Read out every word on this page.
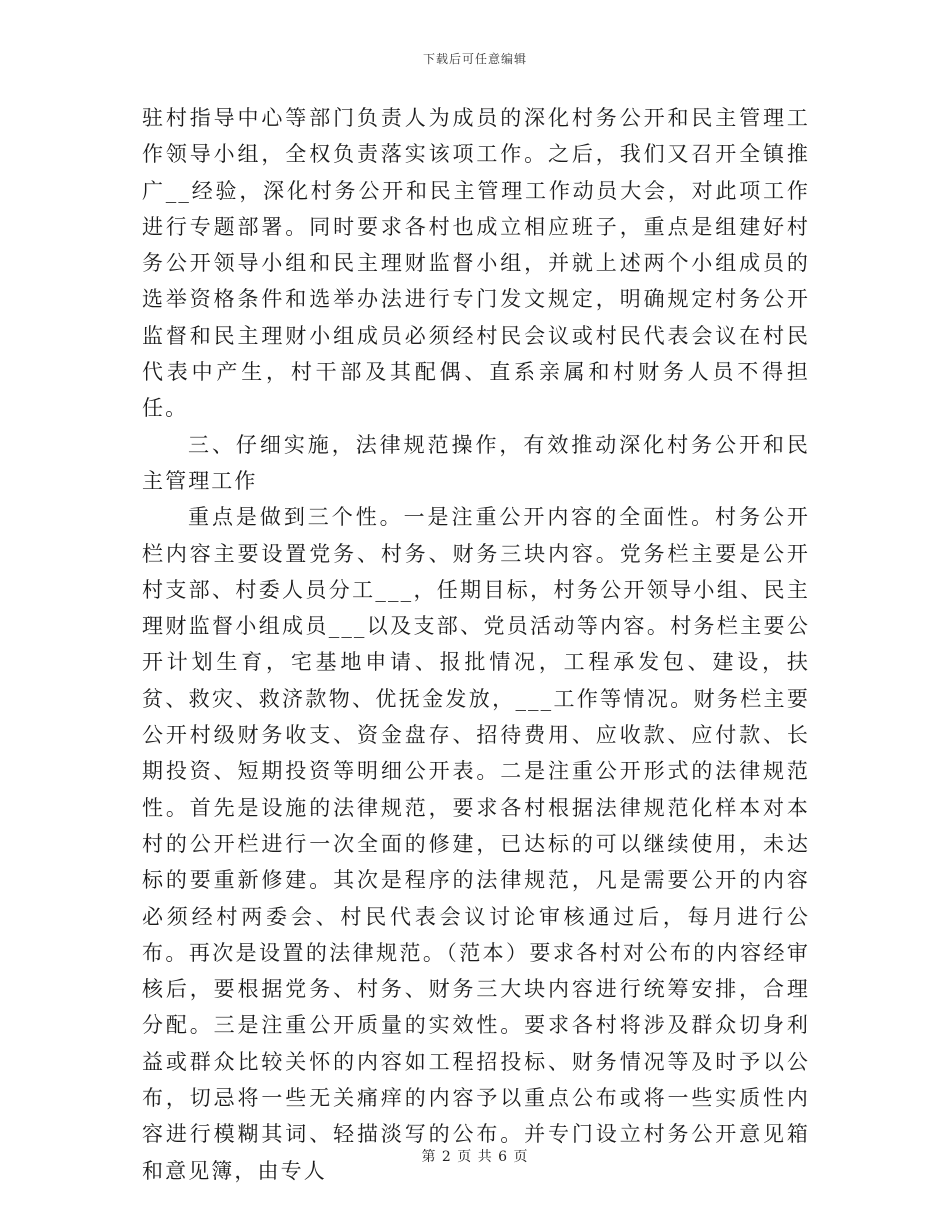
下载后可任意编辑

驻村指导中心等部门负责人为成员的深化村务公开和民主管理工作领导小组，全权负责落实该项工作。之后，我们又召开全镇推广__经验，深化村务公开和民主管理工作动员大会，对此项工作进行专题部署。同时要求各村也成立相应班子，重点是组建好村务公开领导小组和民主理财监督小组，并就上述两个小组成员的选举资格条件和选举办法进行专门发文规定，明确规定村务公开监督和民主理财小组成员必须经村民会议或村民代表会议在村民代表中产生，村干部及其配偶、直系亲属和村财务人员不得担任。

三、仔细实施，法律规范操作，有效推动深化村务公开和民主管理工作

重点是做到三个性。一是注重公开内容的全面性。村务公开栏内容主要设置党务、村务、财务三块内容。党务栏主要是公开村支部、村委人员分工___，任期目标，村务公开领导小组、民主理财监督小组成员___以及支部、党员活动等内容。村务栏主要公开计划生育，宅基地申请、报批情况，工程承发包、建设，扶贫、救灾、救济款物、优抚金发放，___工作等情况。财务栏主要公开村级财务收支、资金盘存、招待费用、应收款、应付款、长期投资、短期投资等明细公开表。二是注重公开形式的法律规范性。首先是设施的法律规范，要求各村根据法律规范化样本对本村的公开栏进行一次全面的修建，已达标的可以继续使用，未达标的要重新修建。其次是程序的法律规范，凡是需要公开的内容必须经村两委会、村民代表会议讨论审核通过后，每月进行公布。再次是设置的法律规范。（范本）要求各村对公布的内容经审核后，要根据党务、村务、财务三大块内容进行统筹安排，合理分配。三是注重公开质量的实效性。要求各村将涉及群众切身利益或群众比较关怀的内容如工程招投标、财务情况等及时予以公布，切忌将一些无关痛痒的内容予以重点公布或将一些实质性内容进行模糊其词、轻描淡写的公布。并专门设立村务公开意见箱和意见簿，由专人

第 2 页 共 6 页
